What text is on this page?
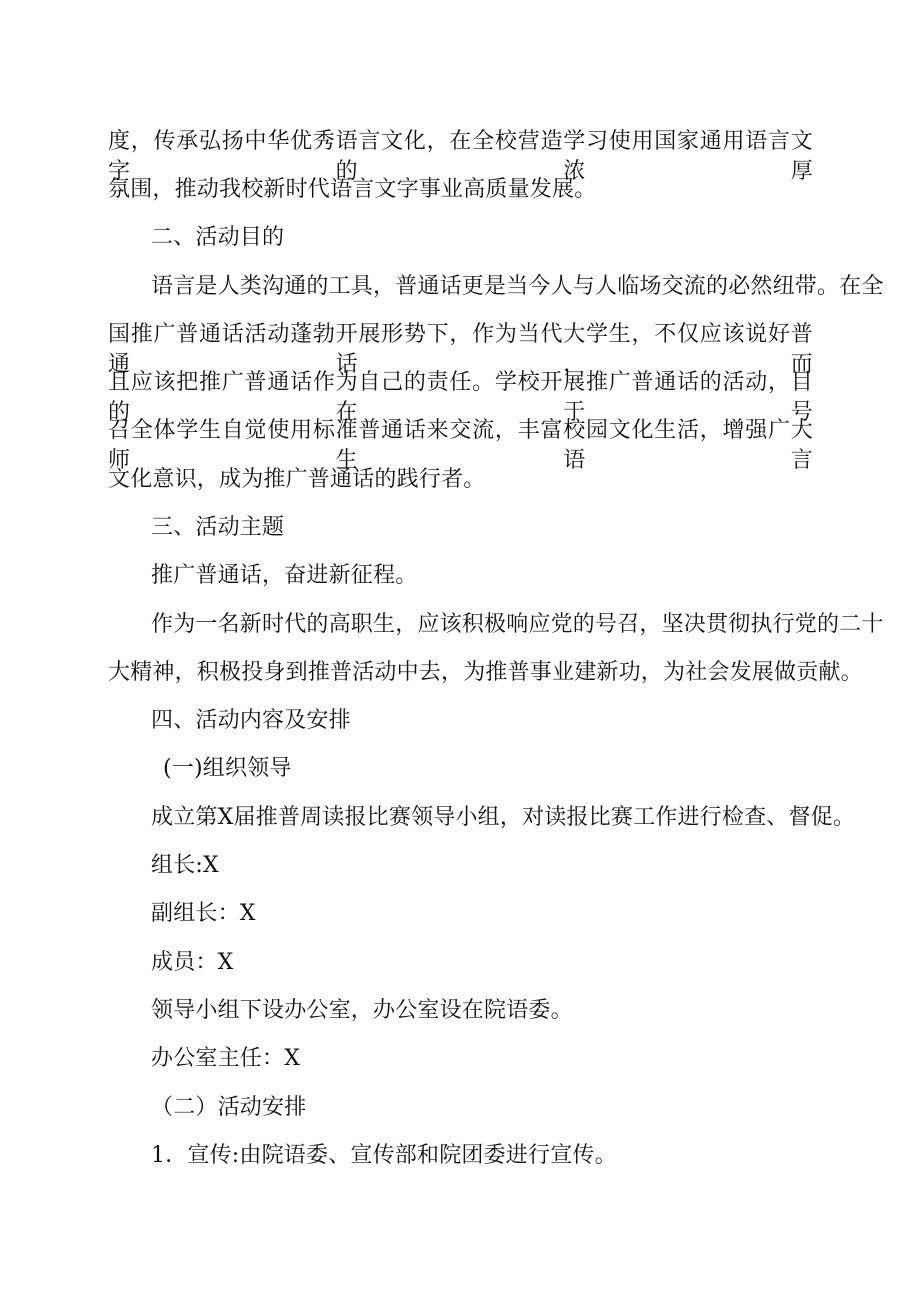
度，传承弘扬中华优秀语言文化，在全校营造学习使用国家通用语言文字的浓厚

氛围，推动我校新时代语言文字事业高质量发展。

二、活动目的

语言是人类沟通的工具，普通话更是当今人与人临场交流的必然纽带。在全

国推广普通话活动蓬勃开展形势下，作为当代大学生，不仅应该说好普通话，而

且应该把推广普通话作为自己的责任。学校开展推广普通话的活动，目的在于号

召全体学生自觉使用标准普通话来交流，丰富校园文化生活，增强广大师生语言

文化意识，成为推广普通话的践行者。

三、活动主题

推广普通话，奋进新征程。

作为一名新时代的高职生，应该积极响应党的号召，坚决贯彻执行党的二十

大精神，积极投身到推普活动中去，为推普事业建新功，为社会发展做贡献。

四、活动内容及安排

(一)组织领导

成立第X届推普周读报比赛领导小组，对读报比赛工作进行检查、督促。

组长:X

副组长：X

成员：X

领导小组下设办公室，办公室设在院语委。

办公室主任：X

（二）活动安排

1．宣传:由院语委、宣传部和院团委进行宣传。
